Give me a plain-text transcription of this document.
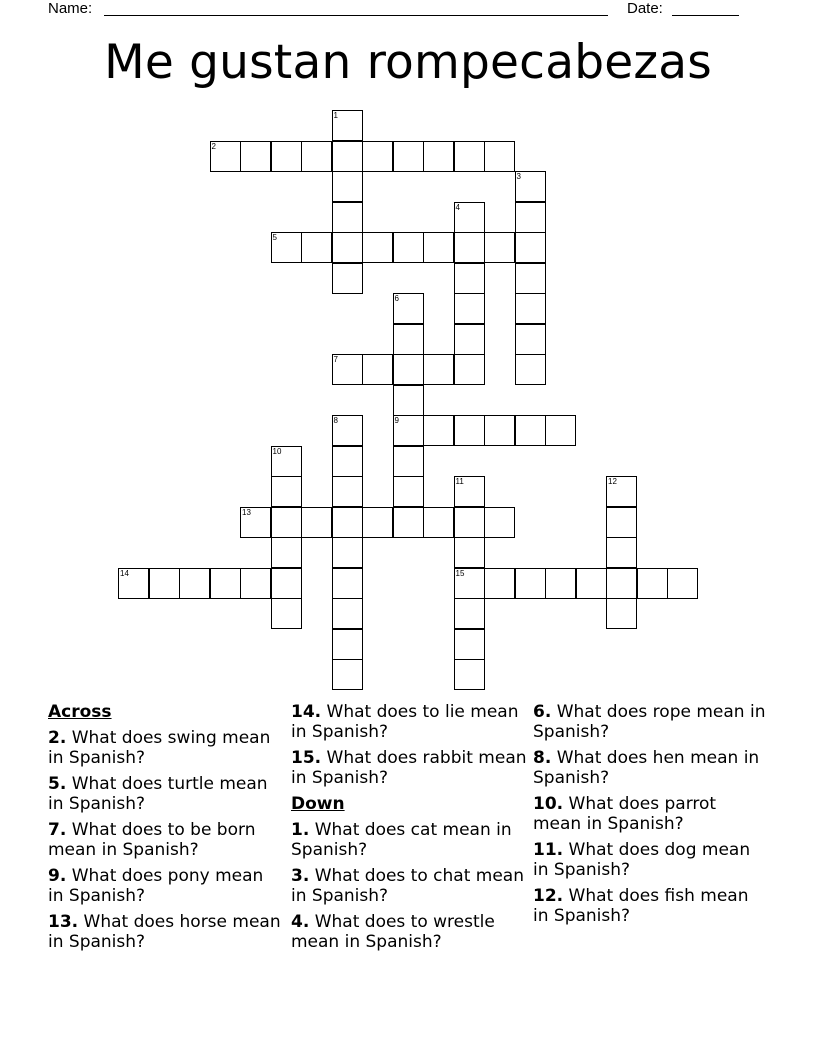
Name:	Date:
Me gustan rompecabezas
1
2
3
4
5
6
9
7
8
10
11
15
12
13
14
Across
2. What does swing mean in Spanish?
5. What does turtle mean in Spanish?
7. What does to be born mean in Spanish?
9. What does pony mean in Spanish?
13. What does horse mean in Spanish?
14. What does to lie mean in Spanish?
15. What does rabbit mean in Spanish?
Down
1. What does cat mean in Spanish?
3. What does to chat mean in Spanish?
4. What does to wrestle mean in Spanish?
6. What does rope mean in Spanish?
8. What does hen mean in Spanish?
10. What does parrot mean in Spanish?
11. What does dog mean in Spanish?
12. What does fish mean in Spanish?
